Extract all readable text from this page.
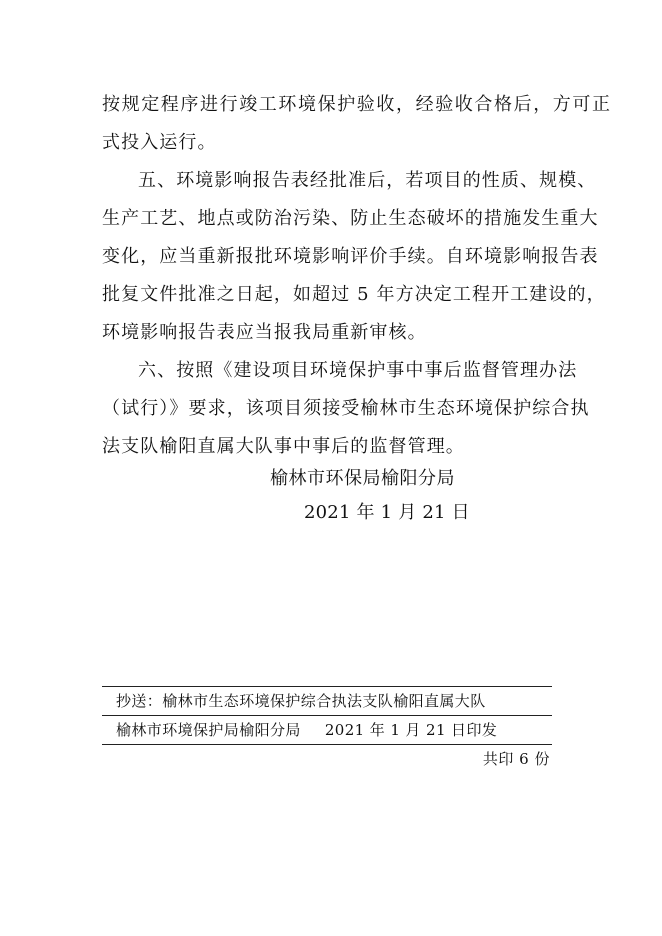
按规定程序进行竣工环境保护验收，经验收合格后，方可正
式投入运行。
五、环境影响报告表经批准后，若项目的性质、规模、
生产工艺、地点或防治污染、防止生态破坏的措施发生重大
变化，应当重新报批环境影响评价手续。自环境影响报告表
批复文件批准之日起，如超过 5 年方决定工程开工建设的，
环境影响报告表应当报我局重新审核。
六、按照《建设项目环境保护事中事后监督管理办法
（试行）》要求，该项目须接受榆林市生态环境保护综合执
法支队榆阳直属大队事中事后的监督管理。
榆林市环保局榆阳分局
2021 年 1 月 21 日
抄送：榆林市生态环境保护综合执法支队榆阳直属大队
榆林市环境保护局榆阳分局 2021 年 1 月 21 日印发
共印 6 份
